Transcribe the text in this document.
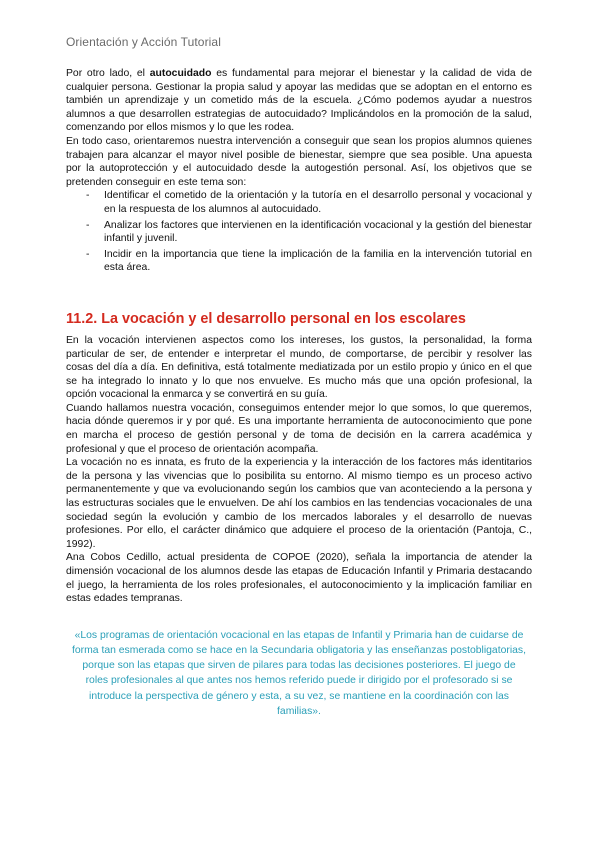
Orientación y Acción Tutorial

Por otro lado, el autocuidado es fundamental para mejorar el bienestar y la calidad de vida de cualquier persona. Gestionar la propia salud y apoyar las medidas que se adoptan en el entorno es también un aprendizaje y un cometido más de la escuela. ¿Cómo podemos ayudar a nuestros alumnos a que desarrollen estrategias de autocuidado? Implicándolos en la promoción de la salud, comenzando por ellos mismos y lo que les rodea.

En todo caso, orientaremos nuestra intervención a conseguir que sean los propios alumnos quienes trabajen para alcanzar el mayor nivel posible de bienestar, siempre que sea posible. Una apuesta por la autoprotección y el autocuidado desde la autogestión personal. Así, los objetivos que se pretenden conseguir en este tema son:

- Identificar el cometido de la orientación y la tutoría en el desarrollo personal y vocacional y en la respuesta de los alumnos al autocuidado.
- Analizar los factores que intervienen en la identificación vocacional y la gestión del bienestar infantil y juvenil.
- Incidir en la importancia que tiene la implicación de la familia en la intervención tutorial en esta área.
11.2. La vocación y el desarrollo personal en los escolares

En la vocación intervienen aspectos como los intereses, los gustos, la personalidad, la forma particular de ser, de entender e interpretar el mundo, de comportarse, de percibir y resolver las cosas del día a día. En definitiva, está totalmente mediatizada por un estilo propio y único en el que se ha integrado lo innato y lo que nos envuelve. Es mucho más que una opción profesional, la opción vocacional la enmarca y se convertirá en su guía.

Cuando hallamos nuestra vocación, conseguimos entender mejor lo que somos, lo que queremos, hacia dónde queremos ir y por qué. Es una importante herramienta de autoconocimiento que pone en marcha el proceso de gestión personal y de toma de decisión en la carrera académica y profesional y que el proceso de orientación acompaña.

La vocación no es innata, es fruto de la experiencia y la interacción de los factores más identitarios de la persona y las vivencias que lo posibilita su entorno. Al mismo tiempo es un proceso activo permanentemente y que va evolucionando según los cambios que van aconteciendo a la persona y las estructuras sociales que le envuelven. De ahí los cambios en las tendencias vocacionales de una sociedad según la evolución y cambio de los mercados laborales y el desarrollo de nuevas profesiones. Por ello, el carácter dinámico que adquiere el proceso de la orientación (Pantoja, C., 1992).

Ana Cobos Cedillo, actual presidenta de COPOE (2020), señala la importancia de atender la dimensión vocacional de los alumnos desde las etapas de Educación Infantil y Primaria destacando el juego, la herramienta de los roles profesionales, el autoconocimiento y la implicación familiar en estas edades tempranas.

«Los programas de orientación vocacional en las etapas de Infantil y Primaria han de cuidarse de forma tan esmerada como se hace en la Secundaria obligatoria y las enseñanzas postobligatorias, porque son las etapas que sirven de pilares para todas las decisiones posteriores. El juego de roles profesionales al que antes nos hemos referido puede ir dirigido por el profesorado si se introduce la perspectiva de género y esta, a su vez, se mantiene en la coordinación con las familias».
